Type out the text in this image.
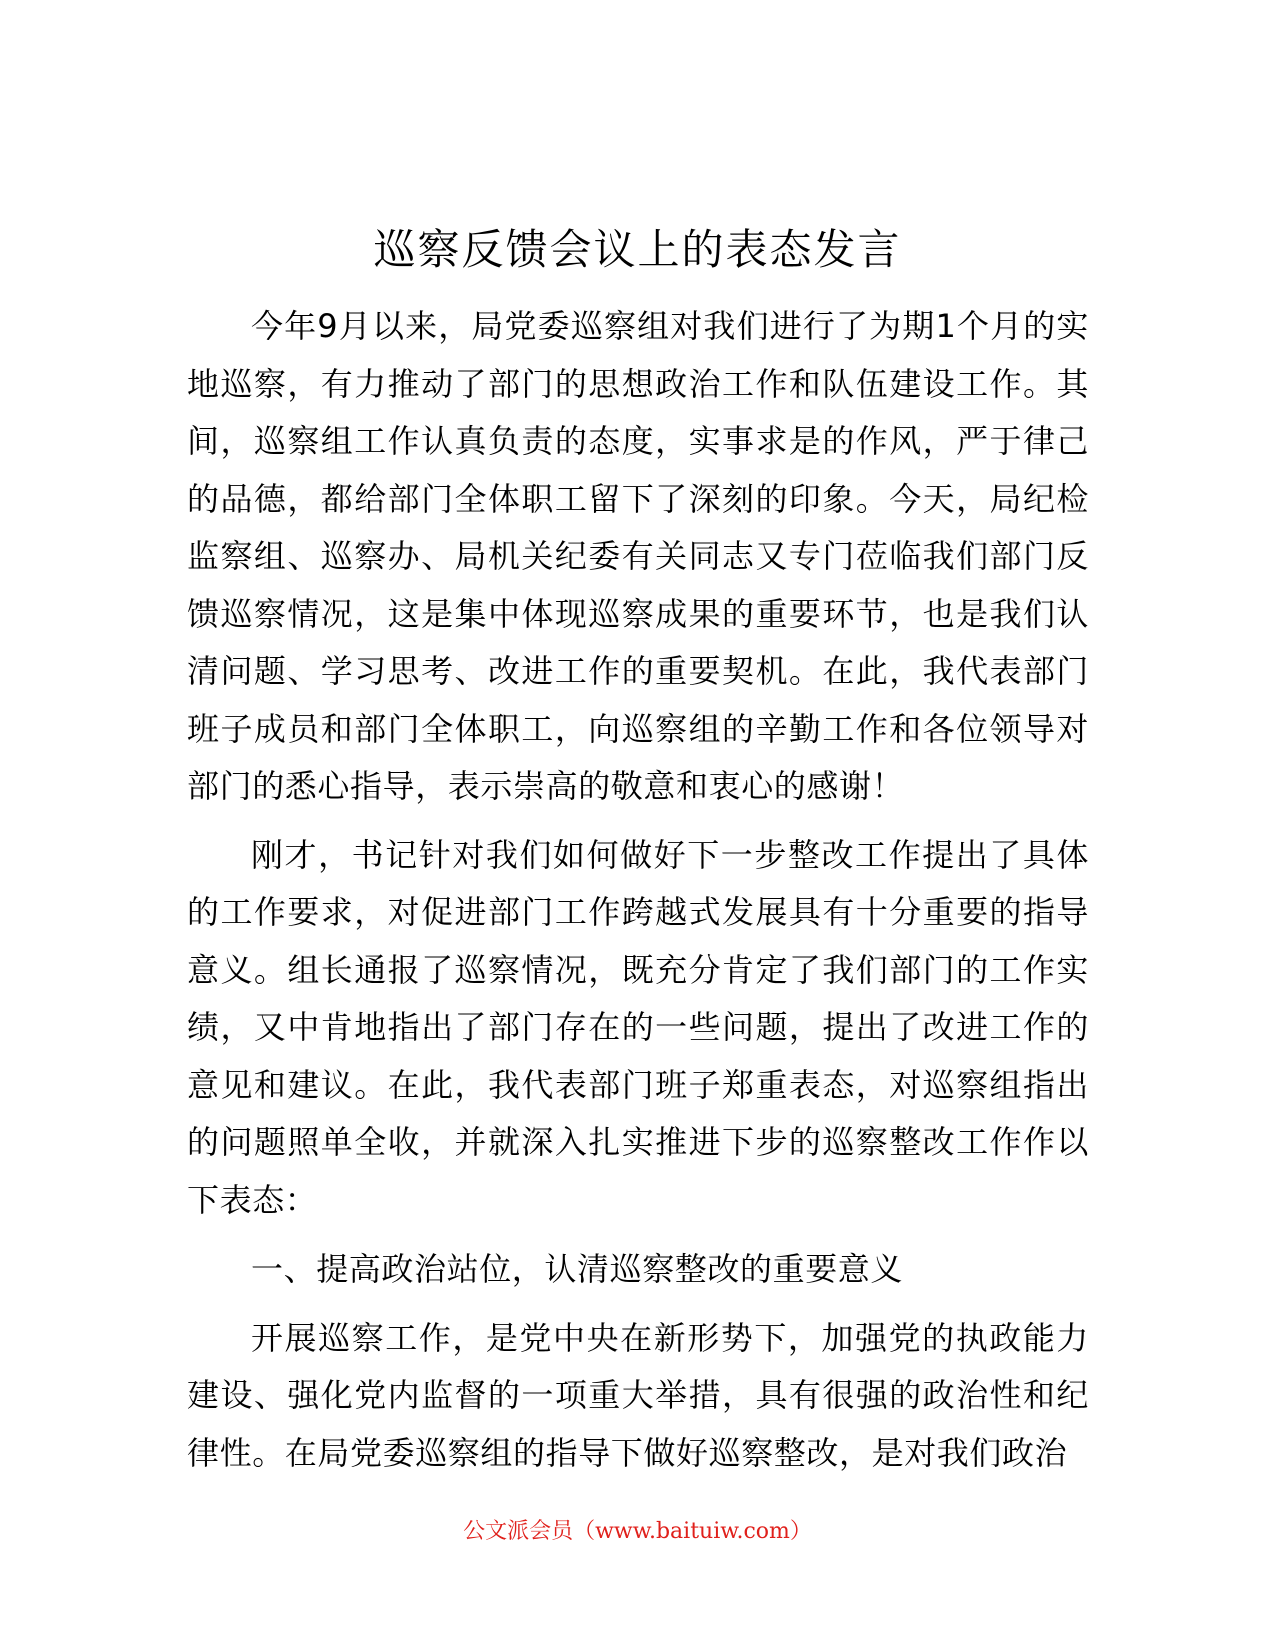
巡察反馈会议上的表态发言

今年9月以来，局党委巡察组对我们进行了为期1个月的实地巡察，有力推动了部门的思想政治工作和队伍建设工作。其间，巡察组工作认真负责的态度，实事求是的作风，严于律己的品德，都给部门全体职工留下了深刻的印象。今天，局纪检监察组、巡察办、局机关纪委有关同志又专门莅临我们部门反馈巡察情况，这是集中体现巡察成果的重要环节，也是我们认清问题、学习思考、改进工作的重要契机。在此，我代表部门班子成员和部门全体职工，向巡察组的辛勤工作和各位领导对部门的悉心指导，表示崇高的敬意和衷心的感谢！

刚才，书记针对我们如何做好下一步整改工作提出了具体的工作要求，对促进部门工作跨越式发展具有十分重要的指导意义。组长通报了巡察情况，既充分肯定了我们部门的工作实绩，又中肯地指出了部门存在的一些问题，提出了改进工作的意见和建议。在此，我代表部门班子郑重表态，对巡察组指出的问题照单全收，并就深入扎实推进下步的巡察整改工作作以下表态：

一、提高政治站位，认清巡察整改的重要意义

开展巡察工作，是党中央在新形势下，加强党的执政能力建设、强化党内监督的一项重大举措，具有很强的政治性和纪律性。在局党委巡察组的指导下做好巡察整改，是对我们政治

公文派会员（www.baituiw.com）
